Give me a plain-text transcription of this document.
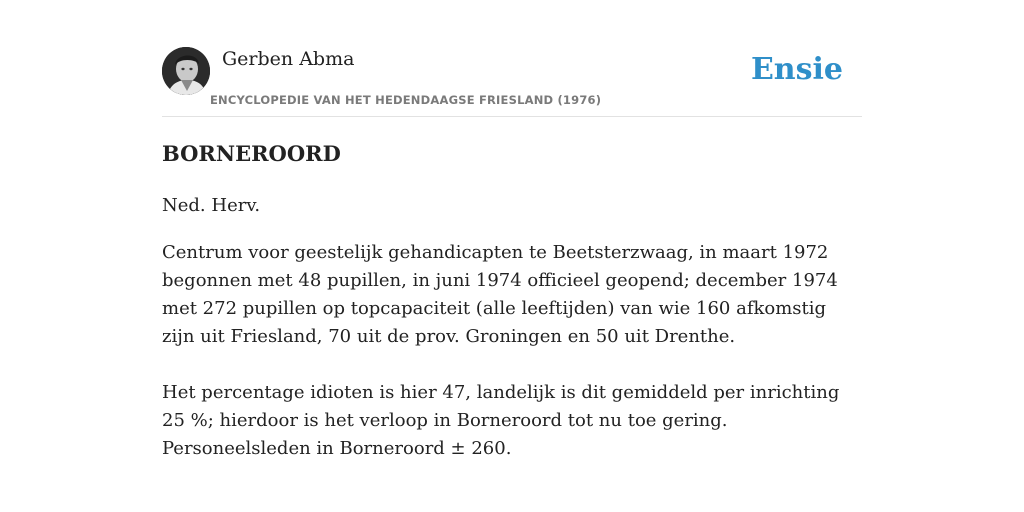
Gerben Abma
ENCYCLOPEDIE VAN HET HEDENDAAGSE FRIESLAND (1976)
Ensie
BORNEROORD

Ned. Herv.

Centrum voor geestelijk gehandicapten te Beetsterzwaag, in maart 1972 begonnen met 48 pupillen, in juni 1974 officieel geopend; december 1974 met 272 pupillen op topcapaciteit (alle leeftijden) van wie 160 afkomstig zijn uit Friesland, 70 uit de prov. Groningen en 50 uit Drenthe.

Het percentage idioten is hier 47, landelijk is dit gemiddeld per inrichting 25 %; hierdoor is het verloop in Borneroord tot nu toe gering. Personeelsleden in Borneroord ± 260.
